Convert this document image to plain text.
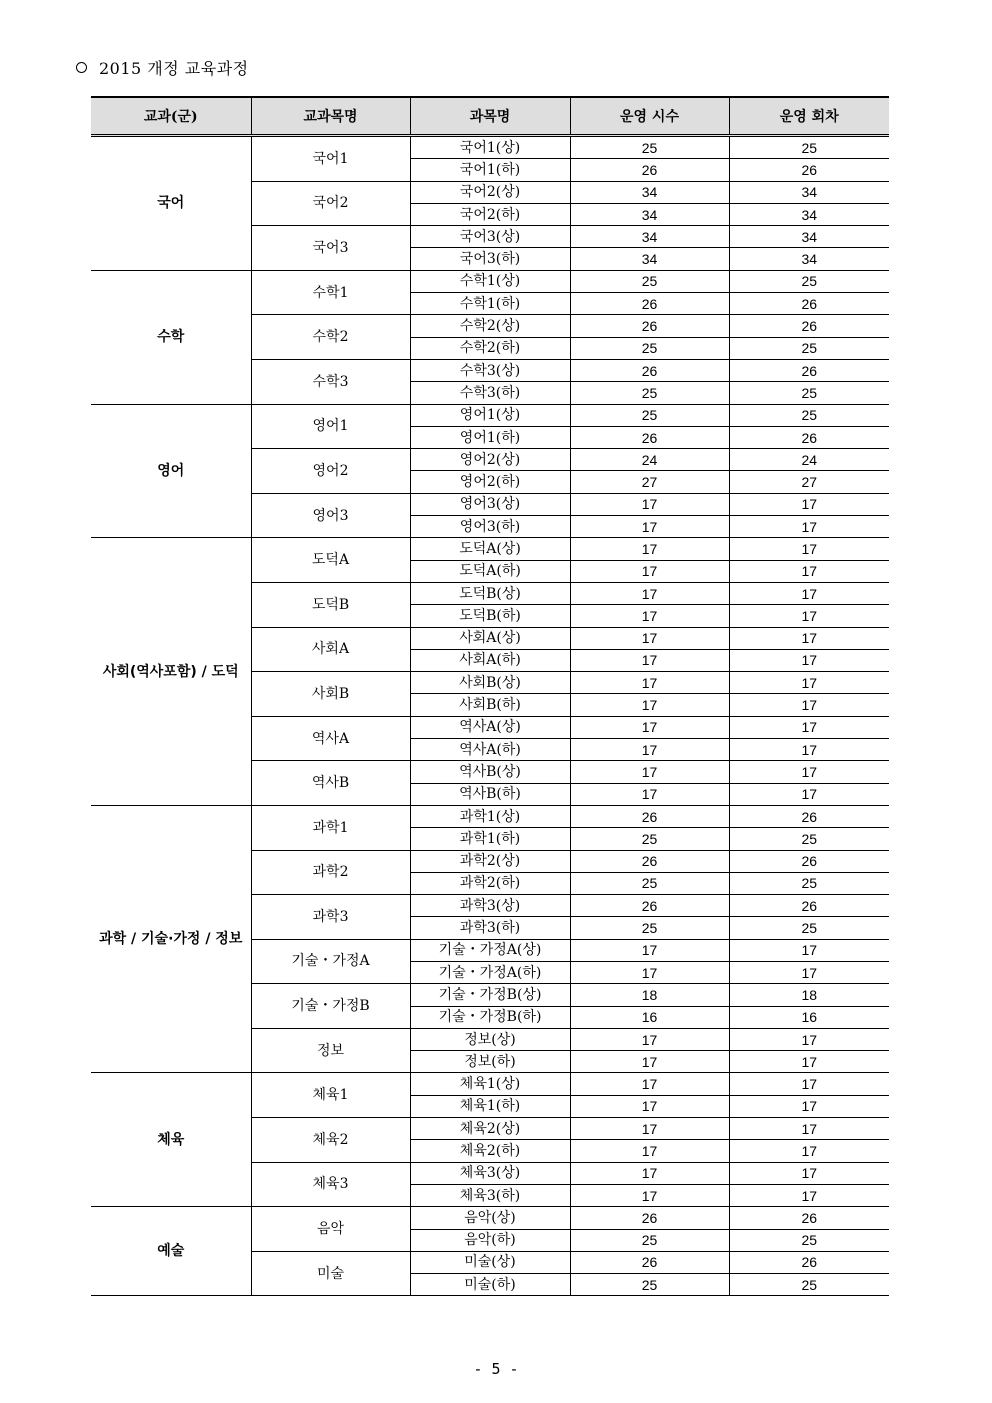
2015 개정 교육과정
교과(군)	교과목명	과목명	운영 시수	운영 회차
국어	국어1	국어1(상)	25	25
		국어1(하)	26	26
	국어2	국어2(상)	34	34
		국어2(하)	34	34
	국어3	국어3(상)	34	34
		국어3(하)	34	34
수학	수학1	수학1(상)	25	25
		수학1(하)	26	26
	수학2	수학2(상)	26	26
		수학2(하)	25	25
	수학3	수학3(상)	26	26
		수학3(하)	25	25
영어	영어1	영어1(상)	25	25
		영어1(하)	26	26
	영어2	영어2(상)	24	24
		영어2(하)	27	27
	영어3	영어3(상)	17	17
		영어3(하)	17	17
사회(역사포함) / 도덕	도덕A	도덕A(상)	17	17
		도덕A(하)	17	17
	도덕B	도덕B(상)	17	17
		도덕B(하)	17	17
	사회A	사회A(상)	17	17
		사회A(하)	17	17
	사회B	사회B(상)	17	17
		사회B(하)	17	17
	역사A	역사A(상)	17	17
		역사A(하)	17	17
	역사B	역사B(상)	17	17
		역사B(하)	17	17
과학 / 기술·가정 / 정보	과학1	과학1(상)	26	26
		과학1(하)	25	25
	과학2	과학2(상)	26	26
		과학2(하)	25	25
	과학3	과학3(상)	26	26
		과학3(하)	25	25
	기술・가정A	기술・가정A(상)	17	17
		기술・가정A(하)	17	17
	기술・가정B	기술・가정B(상)	18	18
		기술・가정B(하)	16	16
	정보	정보(상)	17	17
		정보(하)	17	17
체육	체육1	체육1(상)	17	17
		체육1(하)	17	17
	체육2	체육2(상)	17	17
		체육2(하)	17	17
	체육3	체육3(상)	17	17
		체육3(하)	17	17
예술	음악	음악(상)	26	26
		음악(하)	25	25
	미술	미술(상)	26	26
		미술(하)	25	25
- 5 -
